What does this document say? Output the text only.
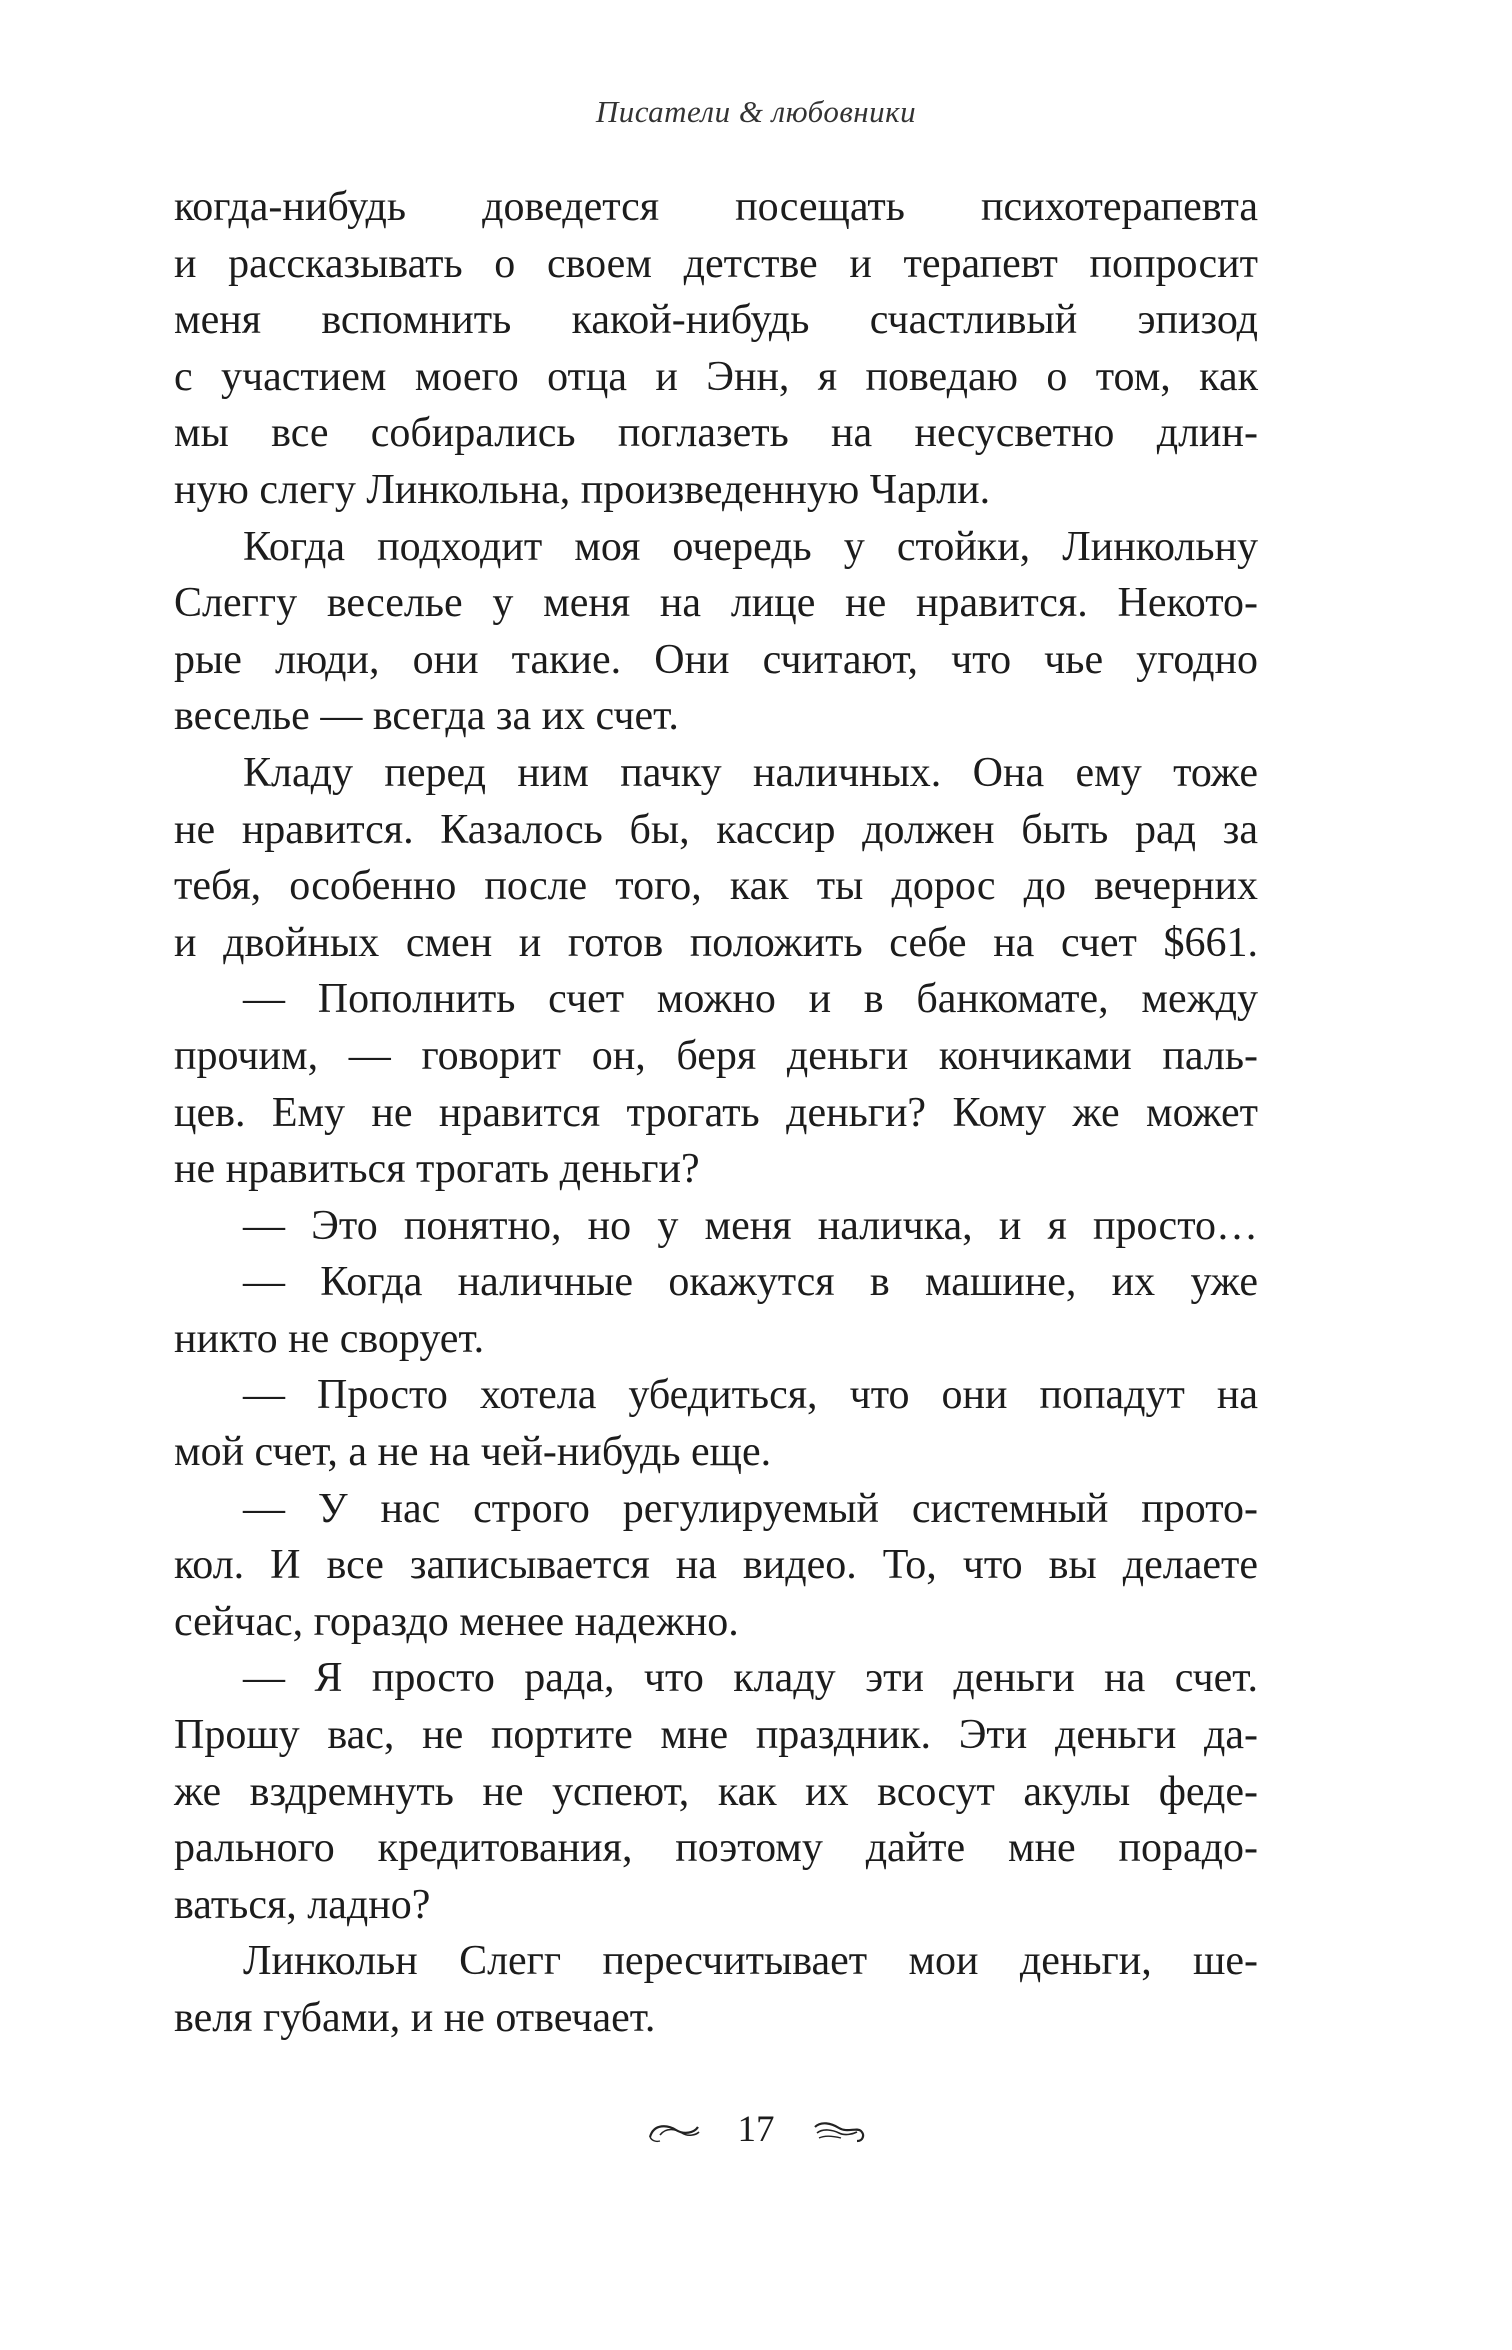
Писатели & любовники
когда-нибудь доведется посещать психотерапевта
и рассказывать о своем детстве и терапевт попросит
меня вспомнить какой-нибудь счастливый эпизод
с участием моего отца и Энн, я поведаю о том, как
мы все собирались поглазеть на несусветно длин-
ную слегу Линкольна, произведенную Чарли.
Когда подходит моя очередь у стойки, Линкольну
Слеггу веселье у меня на лице не нравится. Некото-
рые люди, они такие. Они считают, что чье угодно
веселье — всегда за их счет.
Кладу перед ним пачку наличных. Она ему тоже
не нравится. Казалось бы, кассир должен быть рад за
тебя, особенно после того, как ты дорос до вечерних
и двойных смен и готов положить себе на счет $661.
— Пополнить счет можно и в банкомате, между
прочим, — говорит он, беря деньги кончиками паль-
цев. Ему не нравится трогать деньги? Кому же может
не нравиться трогать деньги?
— Это понятно, но у меня наличка, и я просто…
— Когда наличные окажутся в машине, их уже
никто не сворует.
— Просто хотела убедиться, что они попадут на
мой счет, а не на чей-нибудь еще.
— У нас строго регулируемый системный прото-
кол. И все записывается на видео. То, что вы делаете
сейчас, гораздо менее надежно.
— Я просто рада, что кладу эти деньги на счет.
Прошу вас, не портите мне праздник. Эти деньги да-
же вздремнуть не успеют, как их всосут акулы феде-
рального кредитования, поэтому дайте мне порадо-
ваться, ладно?
Линкольн Слегг пересчитывает мои деньги, ше-
веля губами, и не отвечает.
17
